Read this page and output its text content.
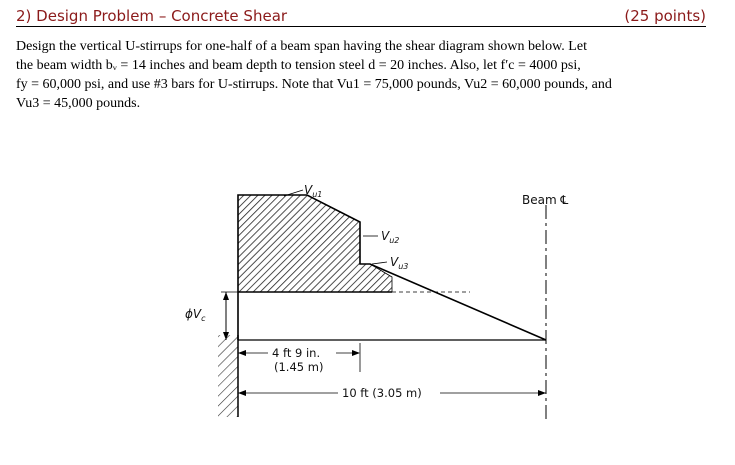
2) Design Problem – Concrete Shear	(25 points)

Design the vertical U-stirrups for one-half of a beam span having the shear diagram shown below. Let
the beam width bᵥ = 14 inches and beam depth to tension steel d = 20 inches. Also, let f′c = 4000 psi,
fy = 60,000 psi, and use #3 bars for U-stirrups. Note that Vu1 = 75,000 pounds, Vu2 = 60,000 pounds, and
Vu3 = 45,000 pounds.

Beam ℄
$\phi V_c$
$V_{u1}$
$V_{u2}$
$V_{u3}$
4 ft 9 in.
(1.45 m)
10 ft (3.05 m)
